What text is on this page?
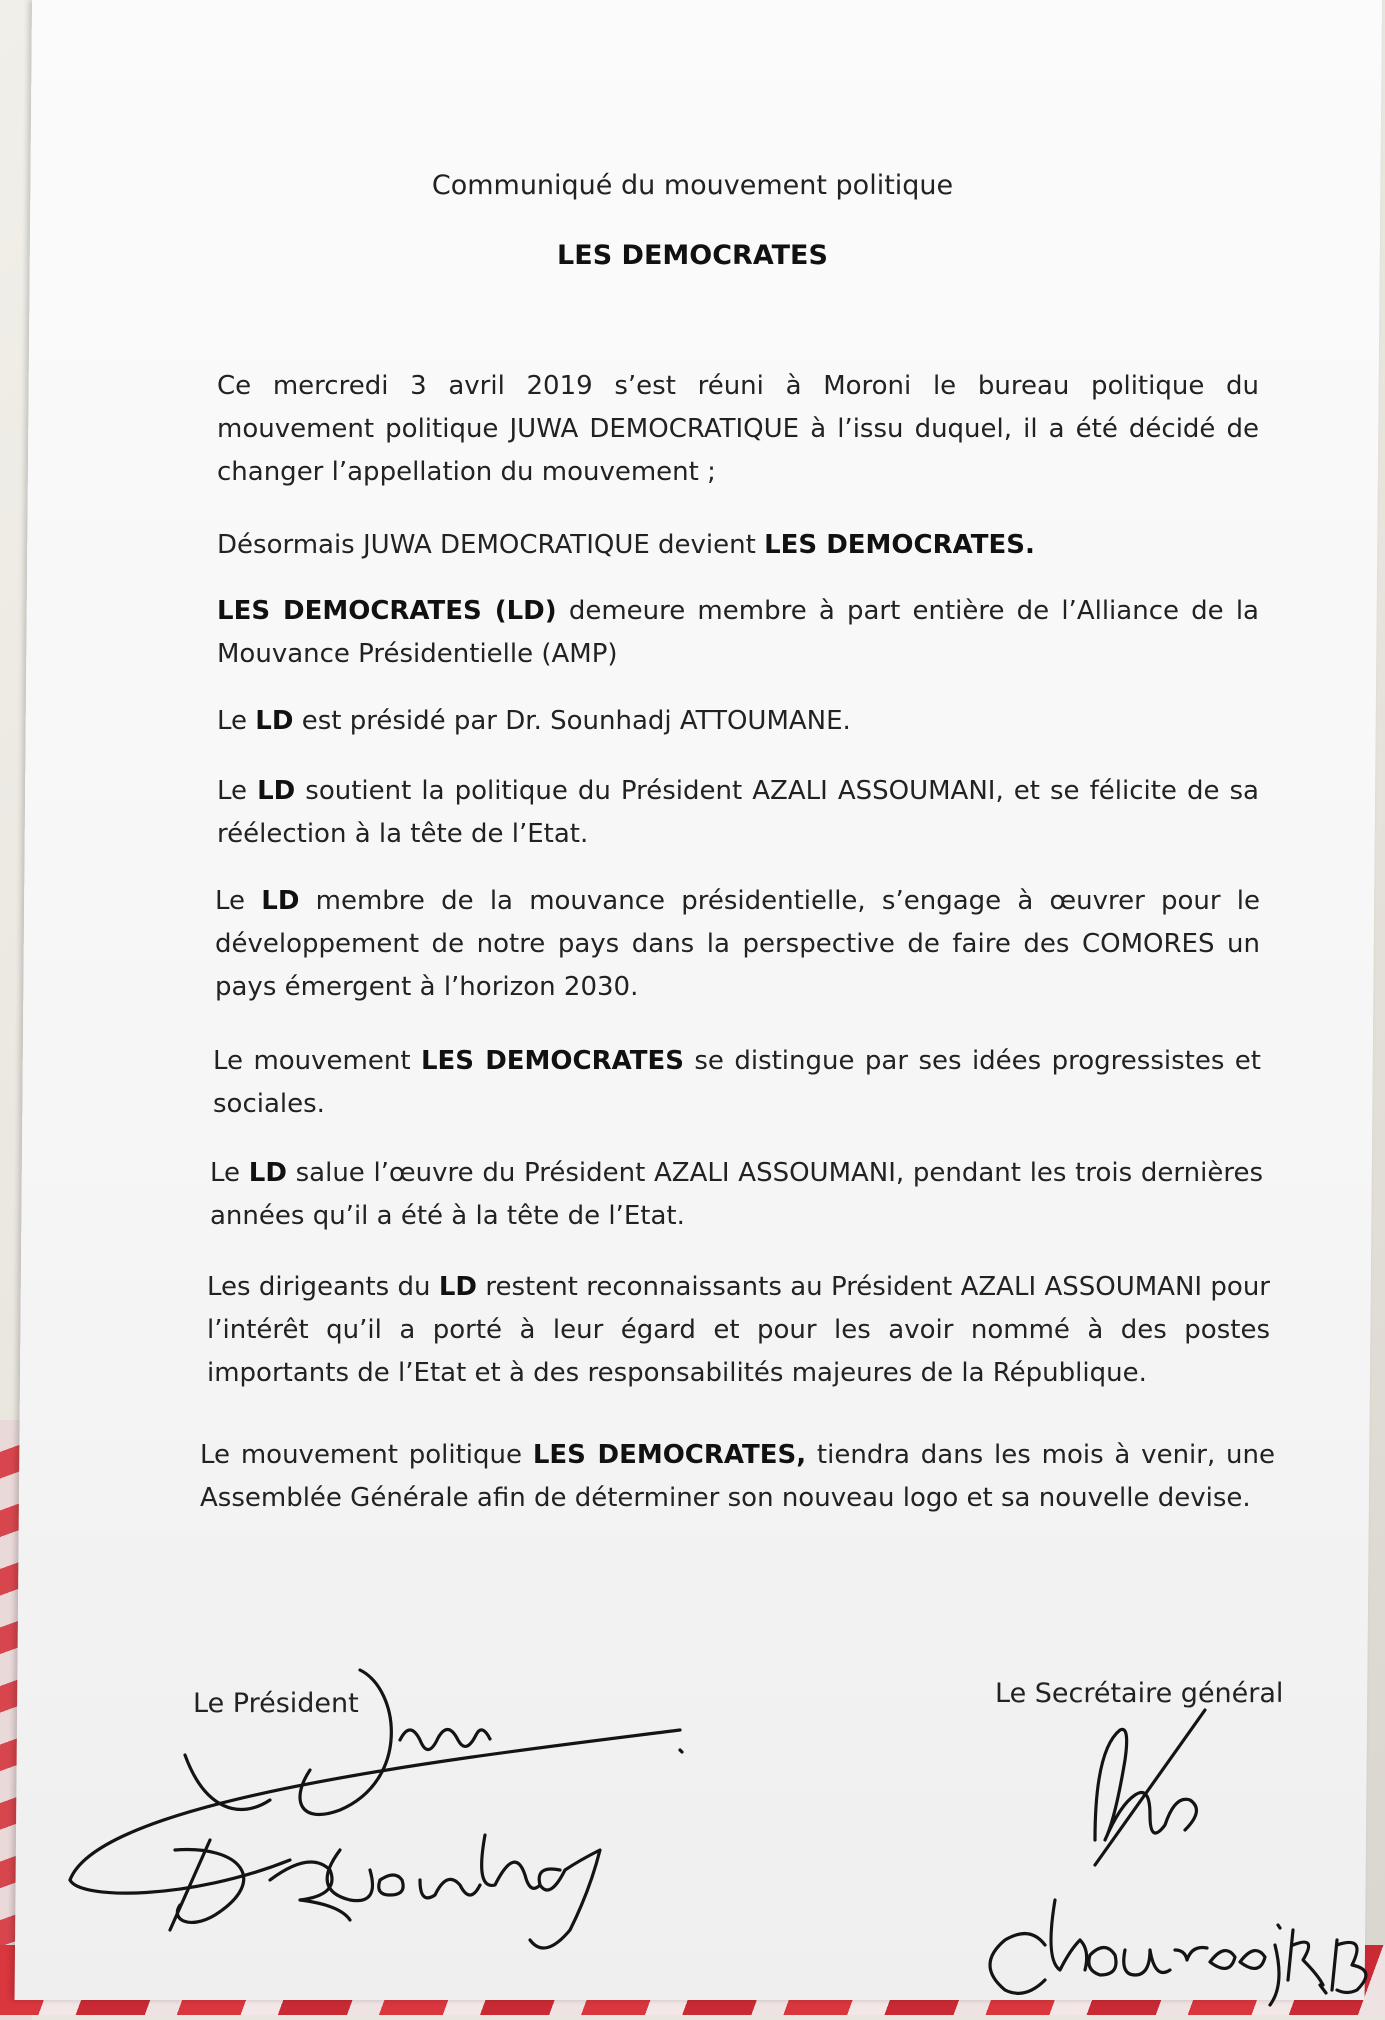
Communiqué du mouvement politique
LES DEMOCRATES

Ce mercredi 3 avril 2019 s’est réuni à Moroni le bureau politique du mouvement politique JUWA DEMOCRATIQUE à l’issu duquel, il a été décidé de changer l’appellation du mouvement ;

Désormais JUWA DEMOCRATIQUE devient LES DEMOCRATES.

LES DEMOCRATES (LD) demeure membre à part entière de l’Alliance de la Mouvance Présidentielle (AMP)

Le LD est présidé par Dr. Sounhadj ATTOUMANE.

Le LD soutient la politique du Président AZALI ASSOUMANI, et se félicite de sa réélection à la tête de l’Etat.

Le LD membre de la mouvance présidentielle, s’engage à œuvrer pour le développement de notre pays dans la perspective de faire des COMORES un pays émergent à l’horizon 2030.

Le mouvement LES DEMOCRATES se distingue par ses idées progressistes et sociales.

Le LD salue l’œuvre du Président AZALI ASSOUMANI, pendant les trois dernières années qu’il a été à la tête de l’Etat.

Les dirigeants du LD restent reconnaissants au Président AZALI ASSOUMANI pour l’intérêt qu’il a porté à leur égard et pour les avoir nommé à des postes importants de l’Etat et à des responsabilités majeures de la République.

Le mouvement politique LES DEMOCRATES, tiendra dans les mois à venir, une Assemblée Générale afin de déterminer son nouveau logo et sa nouvelle devise.

Le Président	Le Secrétaire général
